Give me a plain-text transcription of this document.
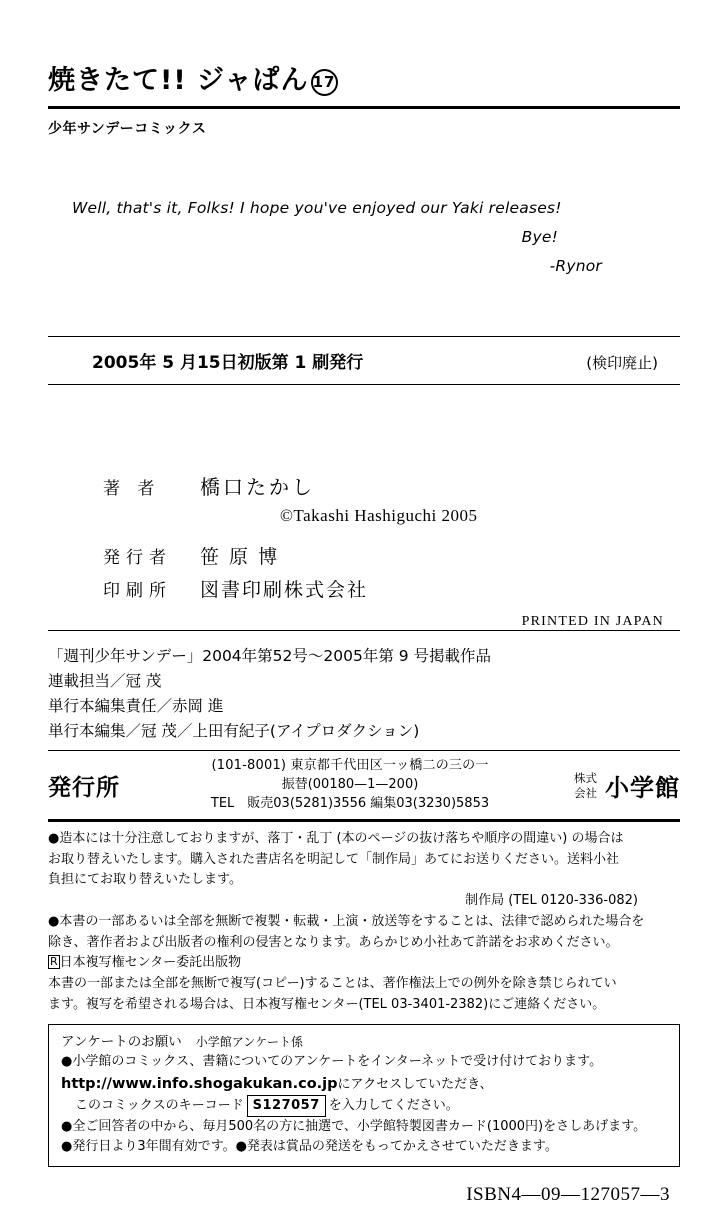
焼きたて!! ジャぱん 17
少年サンデーコミックス
Well, that's it, Folks! I hope you've enjoyed our Yaki releases!
Bye!
-Rynor
2005年 5 月15日初版第 1 刷発行	(検印廃止)
著 者	橋口たかし
©Takashi Hashiguchi 2005
発行者	笹 原 博
印刷所	図書印刷株式会社
PRINTED IN JAPAN
「週刊少年サンデー」2004年第52号～2005年第 9 号掲載作品
連載担当／冠 茂
単行本編集責任／赤岡 進
単行本編集／冠 茂／上田有紀子(アイプロダクション)
発行所
(101-8001) 東京都千代田区一ッ橋二の三の一
振替(00180—1—200)
TEL　販売03(5281)3556 編集03(3230)5853
株式
会社 小学館

●造本には十分注意しておりますが、落丁・乱丁 (本のページの抜け落ちや順序の間違い) の場合は

お取り替えいたします。購入された書店名を明記して「制作局」あてにお送りください。送料小社

負担にてお取り替えいたします。

制作局 (TEL 0120-336-082)

●本書の一部あるいは全部を無断で複製・転載・上演・放送等をすることは、法律で認められた場合を

除き、著作者および出版者の権利の侵害となります。あらかじめ小社あて許諾をお求めください。

R 日本複写権センター委託出版物

本書の一部または全部を無断で複写(コピー)することは、著作権法上での例外を除き禁じられてい

ます。複写を希望される場合は、日本複写権センター(TEL 03-3401-2382)にご連絡ください。

アンケートのお願い 小学館アンケート係

●小学館のコミックス、書籍についてのアンケートをインターネットで受け付けております。

http://www.info.shogakukan.co.jpにアクセスしていただき、

このコミックスのキーコード S127057 を入力してください。

●全ご回答者の中から、毎月500名の方に抽選で、小学館特製図書カード(1000円)をさしあげます。

●発行日より3年間有効です。●発表は賞品の発送をもってかえさせていただきます。

ISBN4—09—127057—3
